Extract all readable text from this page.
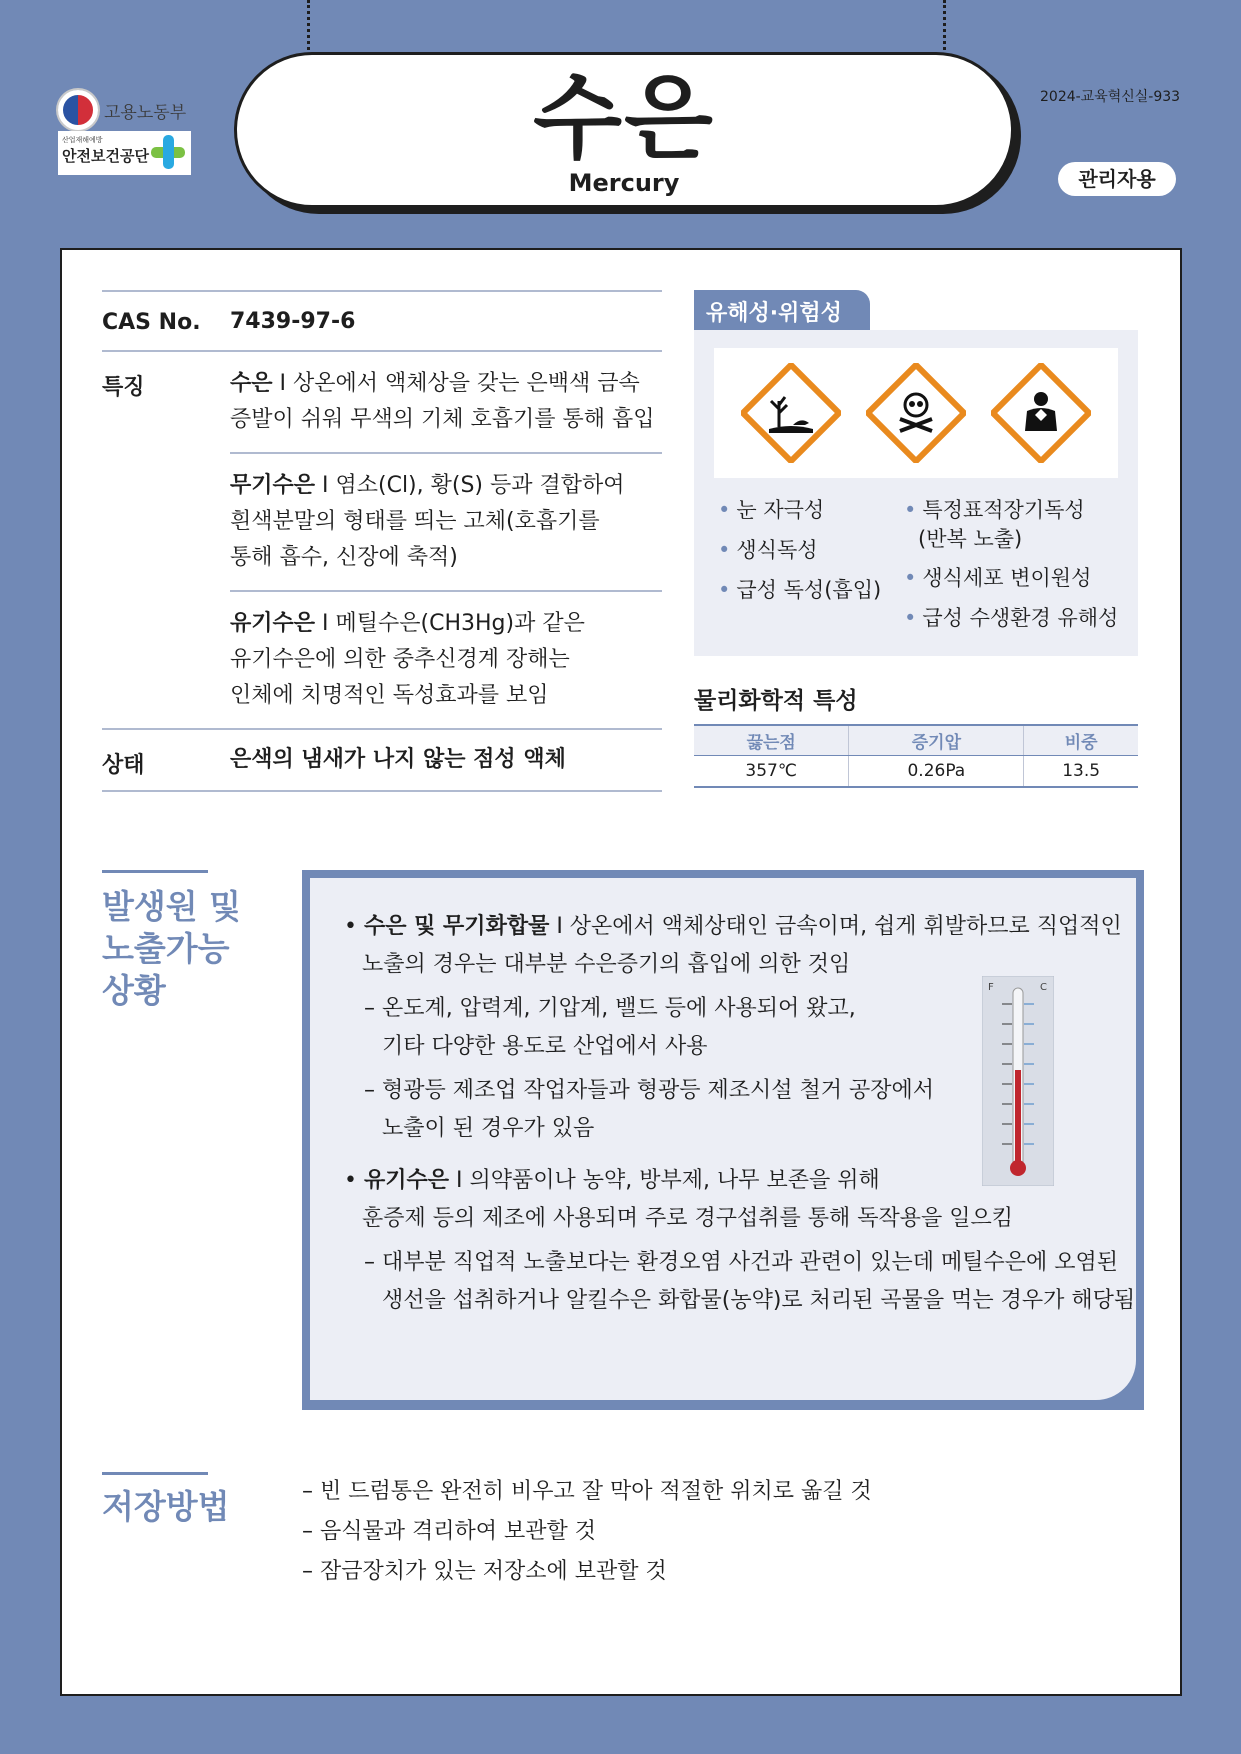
고용노동부
산업재해예방
안전보건공단	수은
Mercury
2024-교육혁신실-933
관리자용
CAS No.	7439-97-6
특징	수은 I 상온에서 액체상을 갖는 은백색 금속
증발이 쉬워 무색의 기체 호흡기를 통해 흡입
무기수은 I 염소(Cl), 황(S) 등과 결합하여
흰색분말의 형태를 띄는 고체(호흡기를
통해 흡수, 신장에 축적)
유기수은 I 메틸수은(CH3Hg)과 같은
유기수은에 의한 중추신경계 장해는
인체에 치명적인 독성효과를 보임
상태	은색의 냄새가 나지 않는 점성 액체
유해성·위험성
• 눈 자극성
• 생식독성
• 급성 독성(흡입)
• 특정표적장기독성
(반복 노출)
• 생식세포 변이원성
• 급성 수생환경 유해성
물리화학적 특성
끓는점	증기압	비중
357℃	0.26Pa	13.5
발생원 및
노출가능
상황
• 수은 및 무기화합물 I 상온에서 액체상태인 금속이며, 쉽게 휘발하므로 직업적인
노출의 경우는 대부분 수은증기의 흡입에 의한 것임
– 온도계, 압력계, 기압계, 밸드 등에 사용되어 왔고,
기타 다양한 용도로 산업에서 사용
– 형광등 제조업 작업자들과 형광등 제조시설 철거 공장에서
노출이 된 경우가 있음
• 유기수은 I 의약품이나 농약, 방부제, 나무 보존을 위해
훈증제 등의 제조에 사용되며 주로 경구섭취를 통해 독작용을 일으킴
– 대부분 직업적 노출보다는 환경오염 사건과 관련이 있는데 메틸수은에 오염된
생선을 섭취하거나 알킬수은 화합물(농약)로 처리된 곡물을 먹는 경우가 해당됨
F	C
저장방법	– 빈 드럼통은 완전히 비우고 잘 막아 적절한 위치로 옮길 것
– 음식물과 격리하여 보관할 것
– 잠금장치가 있는 저장소에 보관할 것
